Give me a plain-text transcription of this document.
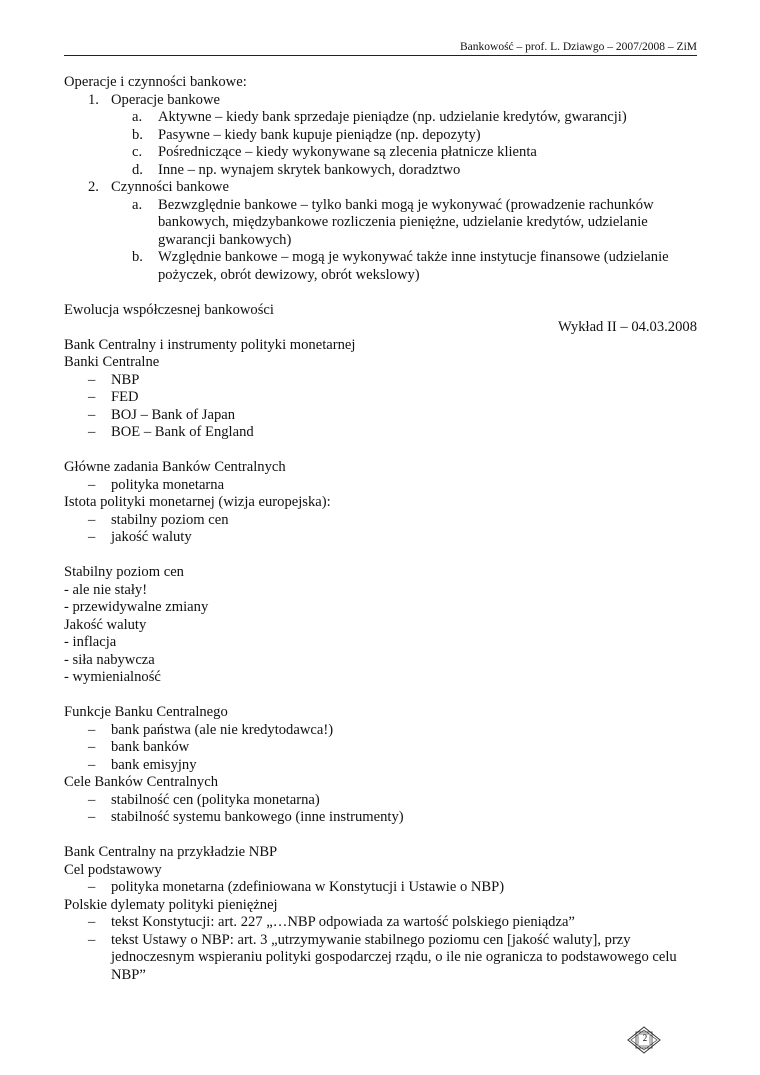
Bankowość – prof. L. Dziawgo – 2007/2008 – ZiM
Operacje i czynności bankowe:
1. Operacje bankowe
a.	Aktywne – kiedy bank sprzedaje pieniądze (np. udzielanie kredytów, gwarancji)
b.	Pasywne – kiedy bank kupuje pieniądze (np. depozyty)
c.	Pośredniczące – kiedy wykonywane są zlecenia płatnicze klienta
d.	Inne – np. wynajem skrytek bankowych, doradztwo
2. Czynności bankowe
a.	Bezwzględnie bankowe – tylko banki mogą je wykonywać (prowadzenie rachunków bankowych, międzybankowe rozliczenia pieniężne, udzielanie kredytów, udzielanie gwarancji bankowych)
b.	Względnie bankowe – mogą je wykonywać także inne instytucje finansowe (udzielanie pożyczek, obrót dewizowy, obrót wekslowy)
Ewolucja współczesnej bankowości
Wykład II – 04.03.2008
Bank Centralny i instrumenty polityki monetarnej
Banki Centralne
–	NBP
–	FED
–	BOJ – Bank of Japan
–	BOE – Bank of England
Główne zadania Banków Centralnych
–	polityka monetarna
Istota polityki monetarnej (wizja europejska):
–	stabilny poziom cen
–	jakość waluty
Stabilny poziom cen
- ale nie stały!
- przewidywalne zmiany
Jakość waluty
- inflacja
- siła nabywcza
- wymienialność
Funkcje Banku Centralnego
–	bank państwa (ale nie kredytodawca!)
–	bank banków
–	bank emisyjny
Cele Banków Centralnych
–	stabilność cen (polityka monetarna)
–	stabilność systemu bankowego (inne instrumenty)
Bank Centralny na przykładzie NBP
Cel podstawowy
–	polityka monetarna (zdefiniowana w Konstytucji i Ustawie o NBP)
Polskie dylematy polityki pieniężnej
–	tekst Konstytucji: art. 227 „…NBP odpowiada za wartość polskiego pieniądza”
–	tekst Ustawy o NBP: art. 3 „utrzymywanie stabilnego poziomu cen [jakość waluty], przy jednoczesnym wspieraniu polityki gospodarczej rządu, o ile nie ogranicza to podstawowego celu NBP”
2
